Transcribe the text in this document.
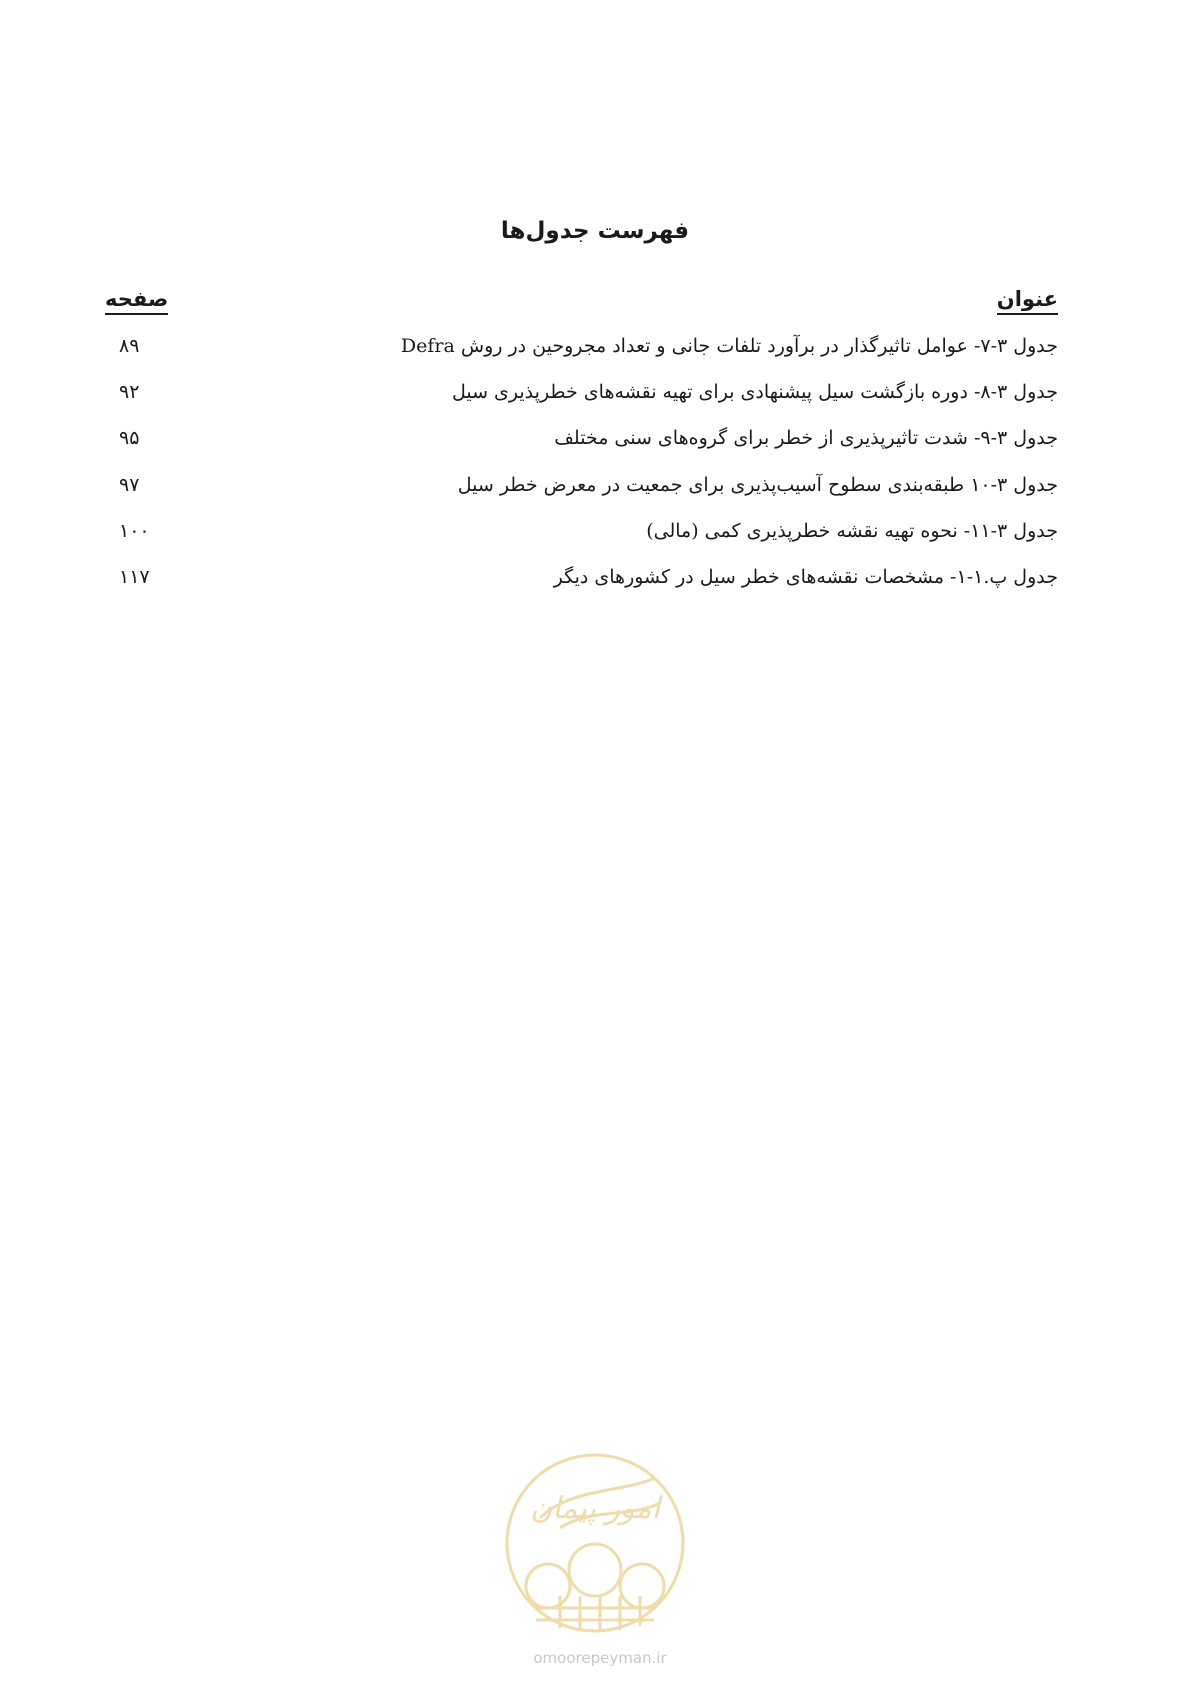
فهرست جدول‌ها
عنوان
صفحه
جدول ۳-۷- عوامل تاثیرگذار در برآورد تلفات جانی و تعداد مجروحین در روش Defra
۸۹
جدول ۳-۸- دوره بازگشت سیل پیشنهادی برای تهیه نقشه‌های خطرپذیری سیل
۹۲
جدول ۳-۹- شدت تاثیرپذیری از خطر برای گروه‌های سنی مختلف
۹۵
جدول ۳-۱۰ طبقه‌بندی سطوح آسیب‌پذیری برای جمعیت در معرض خطر سیل
۹۷
جدول ۳-۱۱- نحوه تهیه نقشه خطرپذیری کمی (مالی)
۱۰۰
جدول پ.۱-۱- مشخصات نقشه‌های خطر سیل در کشورهای دیگر
۱۱۷
امور پیمان
omoorepeyman.ir
